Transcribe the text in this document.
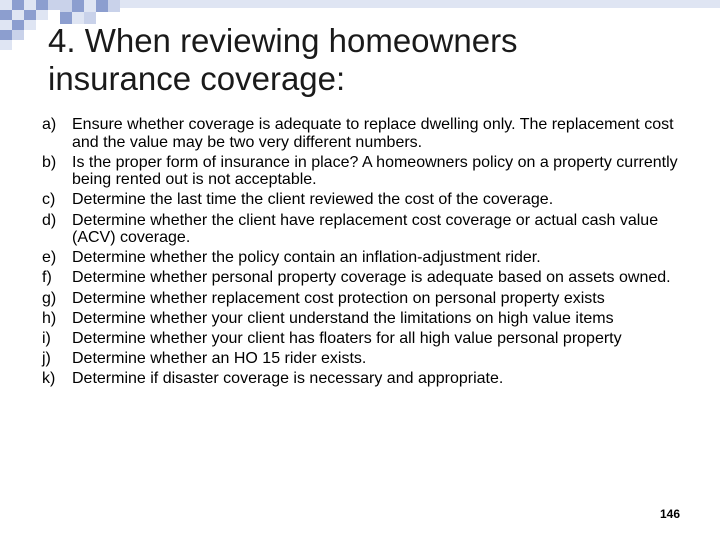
4. When reviewing homeowners
insurance coverage:
a) Ensure whether coverage is adequate to replace dwelling only. The replacement cost and the value may be two very different numbers.
b) Is the proper form of insurance in place? A homeowners policy on a property currently being rented out is not acceptable.
c)	Determine the last time the client reviewed the cost of the coverage.
d) Determine whether the client have replacement cost coverage or actual cash value (ACV) coverage.
e) Determine whether the policy contain an inflation-adjustment rider.
f)	Determine whether personal property coverage is adequate based on assets owned.
g) Determine whether replacement cost protection on personal property exists
h) Determine whether your client understand the limitations on high value items
i)	Determine whether your client has floaters for all high value personal property
j)	Determine whether an HO 15 rider exists.
k)	Determine if disaster coverage is necessary and appropriate.
146
